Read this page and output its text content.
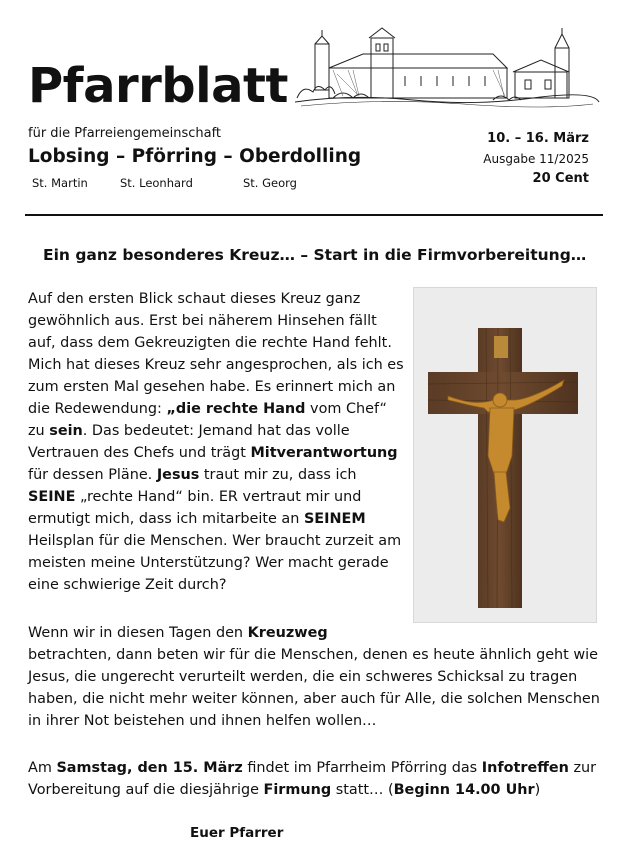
Pfarrblatt
für die Pfarreiengemeinschaft
Lobsing – Pförring – Oberdolling
St. Martin	St. Leonhard	St. Georg
10. – 16. März
Ausgabe 11/2025
20 Cent
Ein ganz besonderes Kreuz… – Start in die Firmvorbereitung…
Auf den ersten Blick schaut dieses Kreuz ganz gewöhnlich aus. Erst bei näherem Hinsehen fällt auf, dass dem Gekreuzigten die rechte Hand fehlt. Mich hat dieses Kreuz sehr angesprochen, als ich es zum ersten Mal gesehen habe. Es erinnert mich an die Redewendung: „die rechte Hand vom Chef“ zu sein. Das bedeutet: Jemand hat das volle Vertrauen des Chefs und trägt Mitverantwortung für dessen Pläne. Jesus traut mir zu, dass ich SEINE „rechte Hand“ bin. ER vertraut mir und ermutigt mich, dass ich mitarbeite an SEINEM Heilsplan für die Menschen. Wer braucht zurzeit am meisten meine Unterstützung? Wer macht gerade eine schwierige Zeit durch?
Wenn wir in diesen Tagen den Kreuzweg
betrachten, dann beten wir für die Menschen, denen es heute ähnlich geht wie Jesus, die ungerecht verurteilt werden, die ein schweres Schicksal zu tragen haben, die nicht mehr weiter können, aber auch für Alle, die solchen Menschen in ihrer Not beistehen und ihnen helfen wollen…
Am Samstag, den 15. März findet im Pfarrheim Pförring das Infotreffen zur Vorbereitung auf die diesjährige Firmung statt… (Beginn 14.00 Uhr)
Euer Pfarrer
